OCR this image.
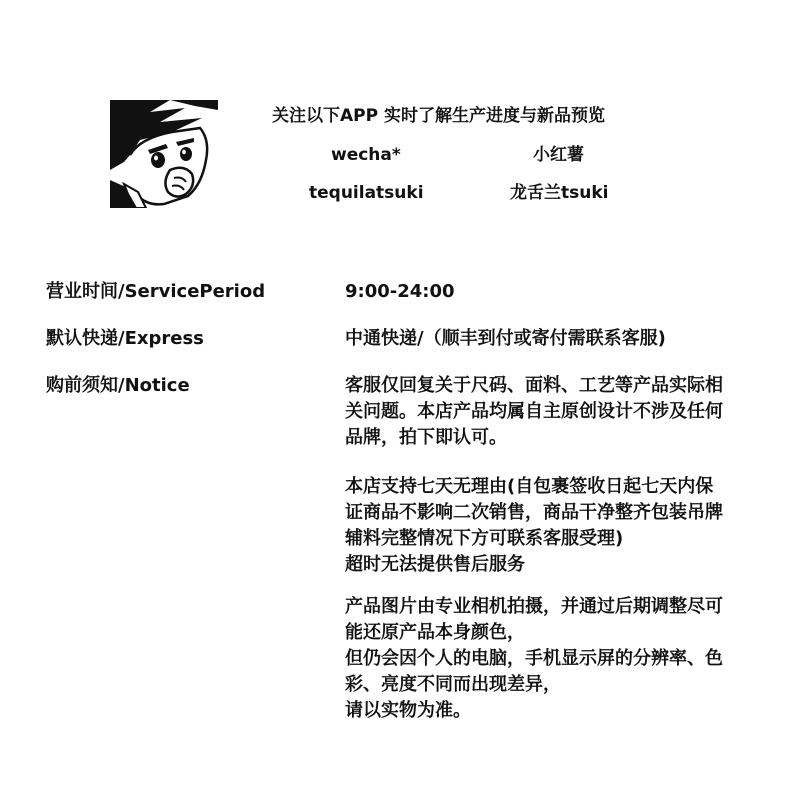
关注以下APP 实时了解生产进度与新品预览
wecha*	小红薯
tequilatsuki	龙舌兰tsuki
营业时间/ServicePeriod	9:00-24:00
默认快递/Express	中通快递/（顺丰到付或寄付需联系客服)
购前须知/Notice	客服仅回复关于尺码、面料、工艺等产品实际相
关问题。本店产品均属自主原创设计不涉及任何
品牌，拍下即认可。
本店支持七天无理由(自包裹签收日起七天内保
证商品不影响二次销售，商品干净整齐包装吊牌
辅料完整情况下方可联系客服受理)
超时无法提供售后服务
产品图片由专业相机拍摄，并通过后期调整尽可
能还原产品本身颜色，
但仍会因个人的电脑，手机显示屏的分辨率、色
彩、亮度不同而出现差异，
请以实物为准。
